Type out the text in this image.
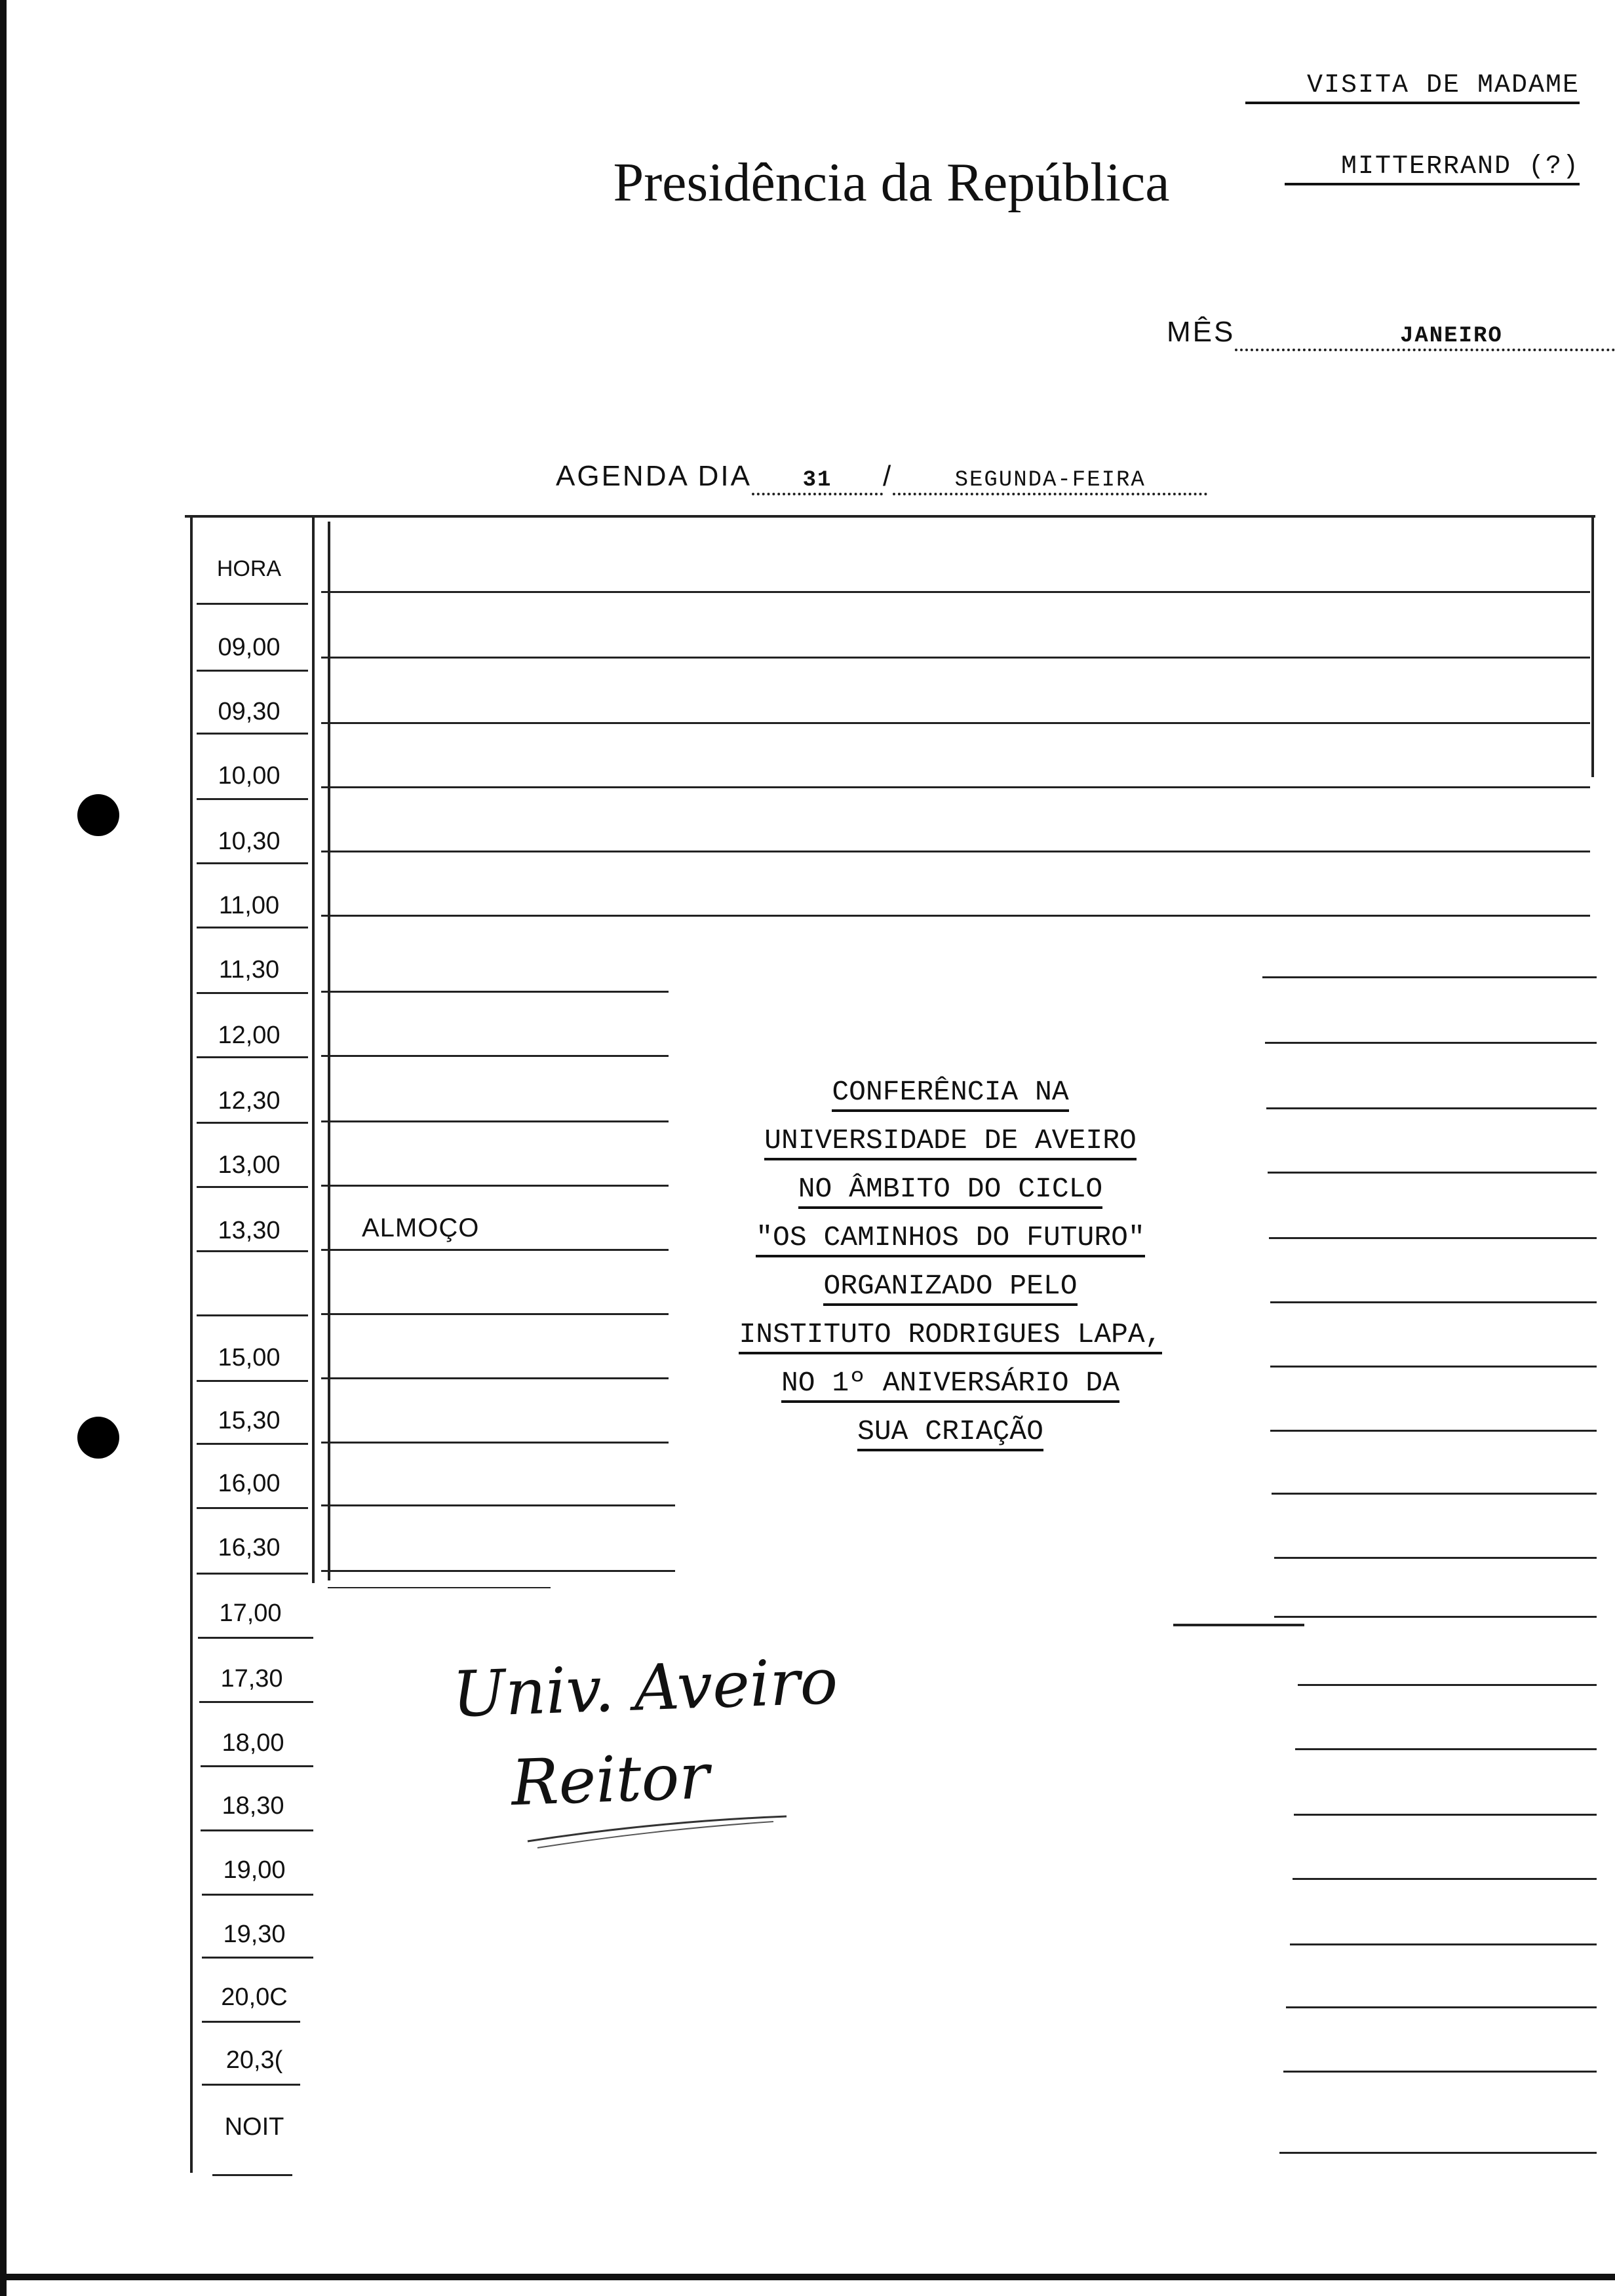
VISITA DE MADAME
MITTERRAND (?)
Presidência da República
MÊS	JANEIRO
AGENDA DIA 31 /	SEGUNDA-FEIRA
HORA
09,00
09,30
10,00
10,30
11,00
11,30
12,00
12,30
13,00
13,30	ALMOÇO
15,00
15,30
16,00
16,30
17,00
17,30
18,00
18,30
19,00
19,30
20,0C
20,3(
NOIT
CONFERÊNCIA NA
UNIVERSIDADE DE AVEIRO
NO ÂMBITO DO CICLO
"OS CAMINHOS DO FUTURO"
ORGANIZADO PELO
INSTITUTO RODRIGUES LAPA,
NO 1º ANIVERSÁRIO DA
SUA CRIAÇÃO
Univ. Aveiro
Reitor
